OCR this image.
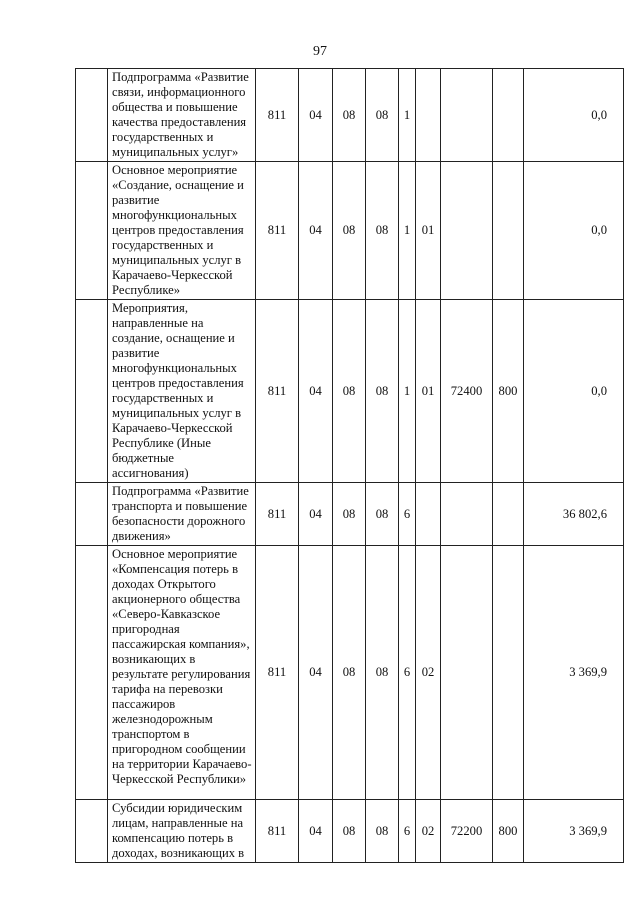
97
	Подпрограмма «Развитие связи, информационного общества и повышение качества предоставления государственных и муниципальных услуг»	811	04	08	08	1				0,0
	Основное мероприятие «Создание, оснащение и развитие многофункциональных центров предоставления государственных и муниципальных услуг в Карачаево-Черкесской Республике»	811	04	08	08	1	01			0,0
	Мероприятия, направленные на создание, оснащение и развитие многофункциональных центров предоставления государственных и муниципальных услуг в Карачаево-Черкесской Республике (Иные бюджетные ассигнования)	811	04	08	08	1	01	72400	800	0,0
	Подпрограмма «Развитие транспорта и повышение безопасности дорожного движения»	811	04	08	08	6				36 802,6
	Основное мероприятие «Компенсация потерь в доходах Открытого акционерного общества «Северо-Кавказское пригородная пассажирская компания», возникающих в результате регулирования тарифа на перевозки пассажиров железнодорожным транспортом в пригородном сообщении на территории Карачаево-Черкесской Республики»	811	04	08	08	6	02			3 369,9
	Субсидии юридическим лицам, направленные на компенсацию потерь в доходах, возникающих в	811	04	08	08	6	02	72200	800	3 369,9
